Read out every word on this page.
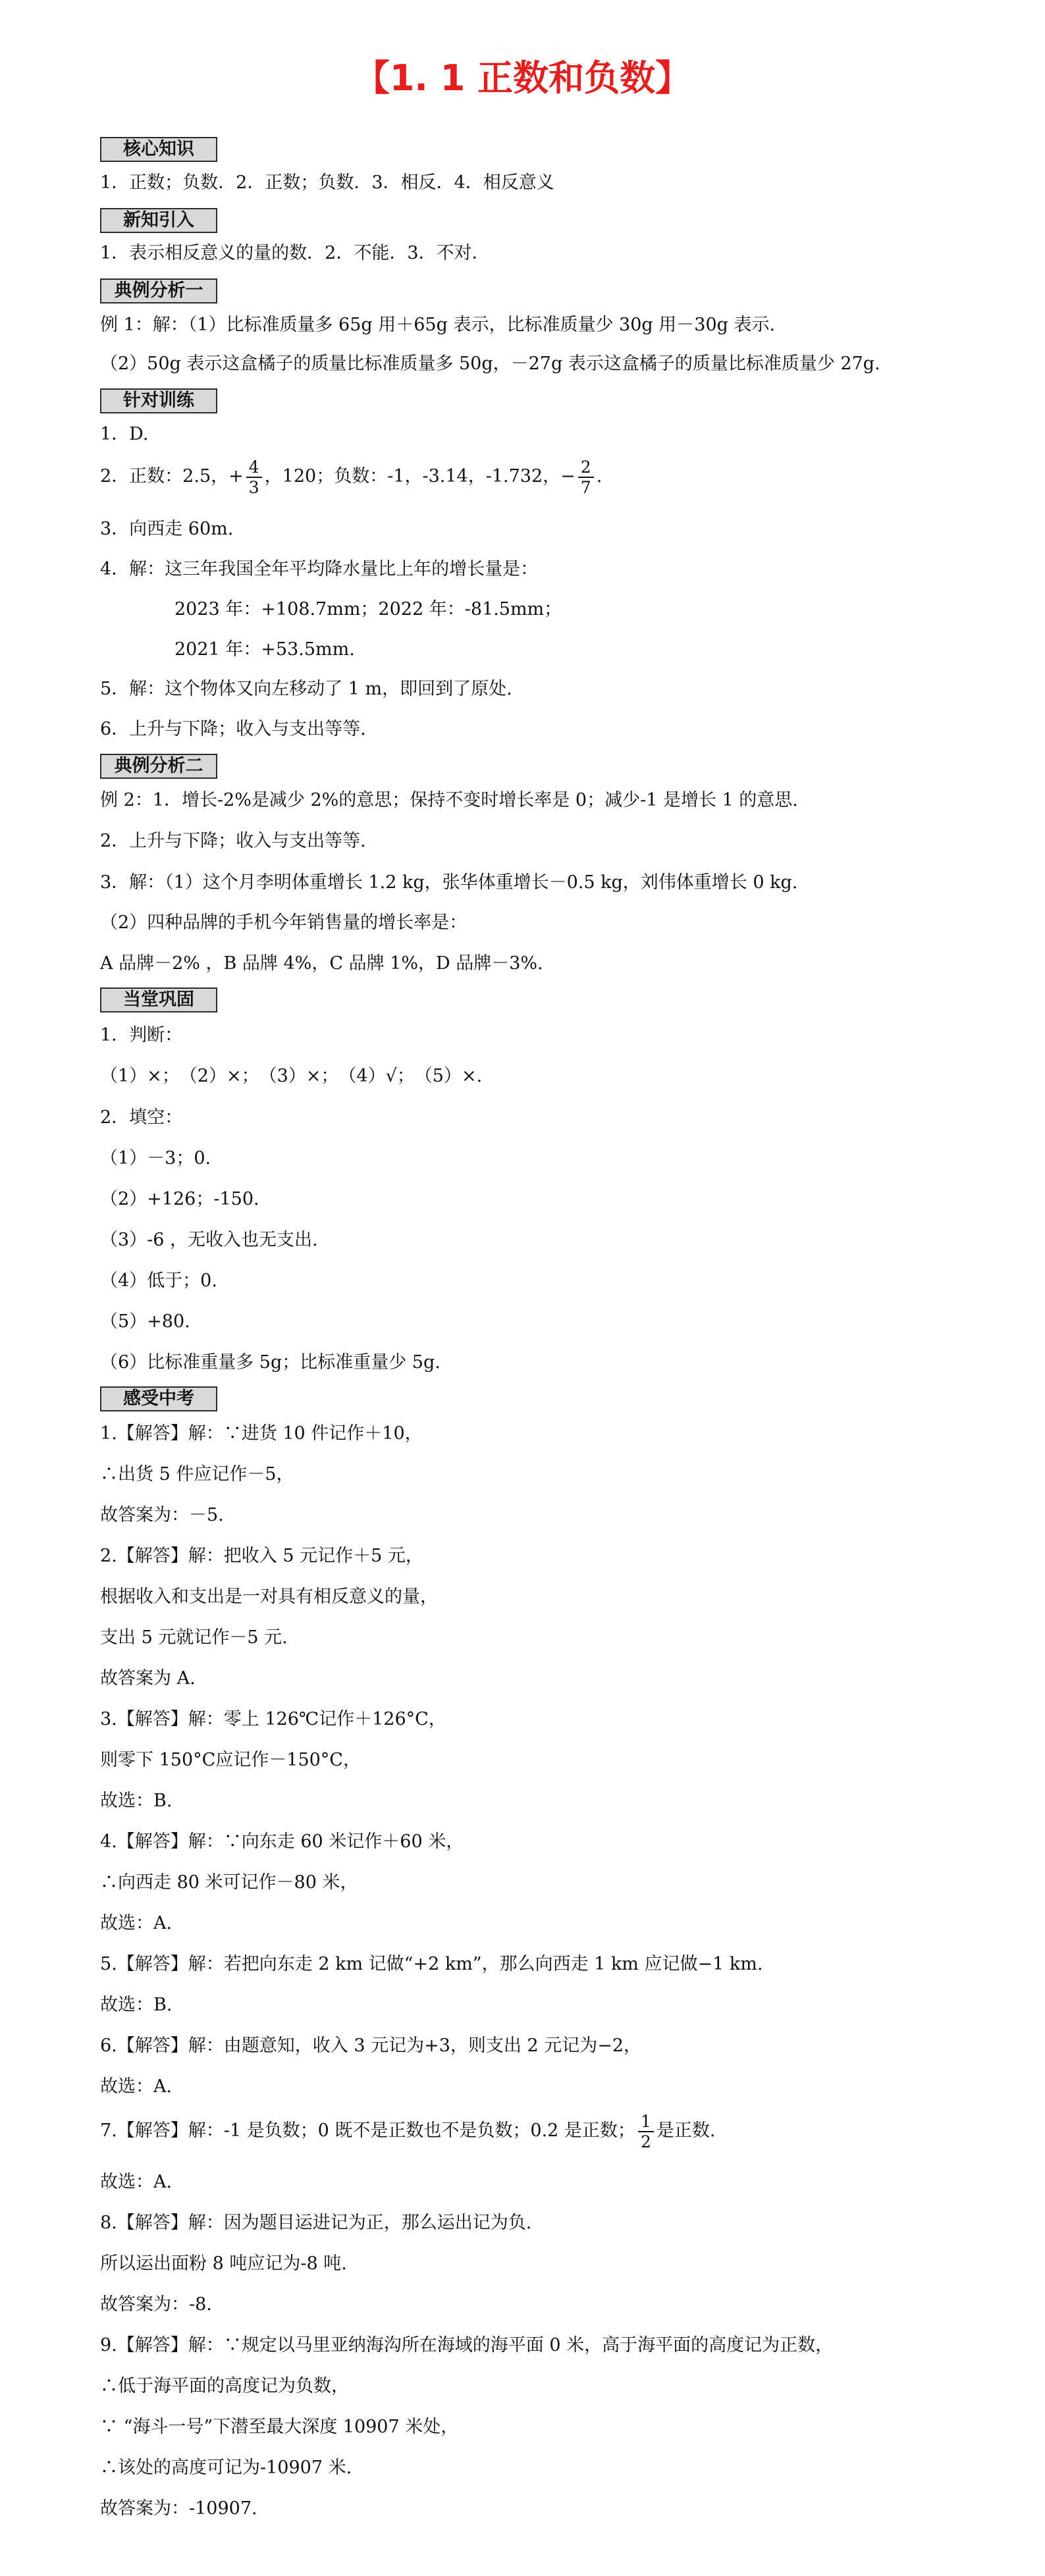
【1. 1 正数和负数】
核心知识
1．正数；负数．2．正数；负数．3．相反．4．相反意义
新知引入
1．表示相反意义的量的数．2．不能．3．不对．
典例分析一
例 1：解：（1）比标准质量多 65g 用＋65g 表示，比标准质量少 30g 用－30g 表示.
（2）50g 表示这盒橘子的质量比标准质量多 50g，－27g 表示这盒橘子的质量比标准质量少 27g.
针对训练
1．D.
2．正数：2.5，+ $\frac{4}{3}$ ，120；负数：-1，-3.14，-1.732，− $\frac{2}{7}$ .
3．向西走 60m.
4．解：这三年我国全年平均降水量比上年的增长量是：
2023 年：+108.7mm；2022 年：-81.5mm；
2021 年：+53.5mm.
5．解：这个物体又向左移动了 1 m，即回到了原处.
6．上升与下降；收入与支出等等.
典例分析二
例 2：1．增长-2%是减少 2%的意思；保持不变时增长率是 0；减少-1 是增长 1 的意思.
2．上升与下降；收入与支出等等.
3．解：（1）这个月李明体重增长 1.2 kg，张华体重增长－0.5 kg，刘伟体重增长 0 kg.
（2）四种品牌的手机今年销售量的增长率是：
A 品牌－2% ，B 品牌 4%，C 品牌 1%，D 品牌－3%.
当堂巩固
1．判断：
（1）×；　（2）×；　（3）×；　（4）√；　（5）×.
2．填空：
（1）－3；0.
（2）+126；-150.
（3）-6 ，无收入也无支出.
（4）低于；0.
（5）+80.
（6）比标准重量多 5g；比标准重量少 5g.
感受中考
1.【解答】解：∵进货 10 件记作＋10，
∴出货 5 件应记作－5，
故答案为：－5.
2.【解答】解：把收入 5 元记作＋5 元，
根据收入和支出是一对具有相反意义的量，
支出 5 元就记作－5 元.
故答案为 A.
3.【解答】解：零上 126℃记作＋126°C，
则零下 150°C应记作－150°C，
故选：B.
4.【解答】解：∵向东走 60 米记作＋60 米，
∴向西走 80 米可记作－80 米，
故选：A.
5.【解答】解：若把向东走 2 km 记做“+2 km”，那么向西走 1 km 应记做−1 km.
故选：B.
6.【解答】解：由题意知，收入 3 元记为+3，则支出 2 元记为−2，
故选：A.
7.【解答】解：-1 是负数；0 既不是正数也不是负数；0.2 是正数； $\frac{1}{2}$ 是正数.
故选：A.
8.【解答】解：因为题目运进记为正，那么运出记为负.
所以运出面粉 8 吨应记为-8 吨.
故答案为：-8.
9.【解答】解：∵规定以马里亚纳海沟所在海域的海平面 0 米，高于海平面的高度记为正数，
∴低于海平面的高度记为负数，
∵ “海斗一号”下潜至最大深度 10907 米处，
∴该处的高度可记为-10907 米.
故答案为：-10907.
